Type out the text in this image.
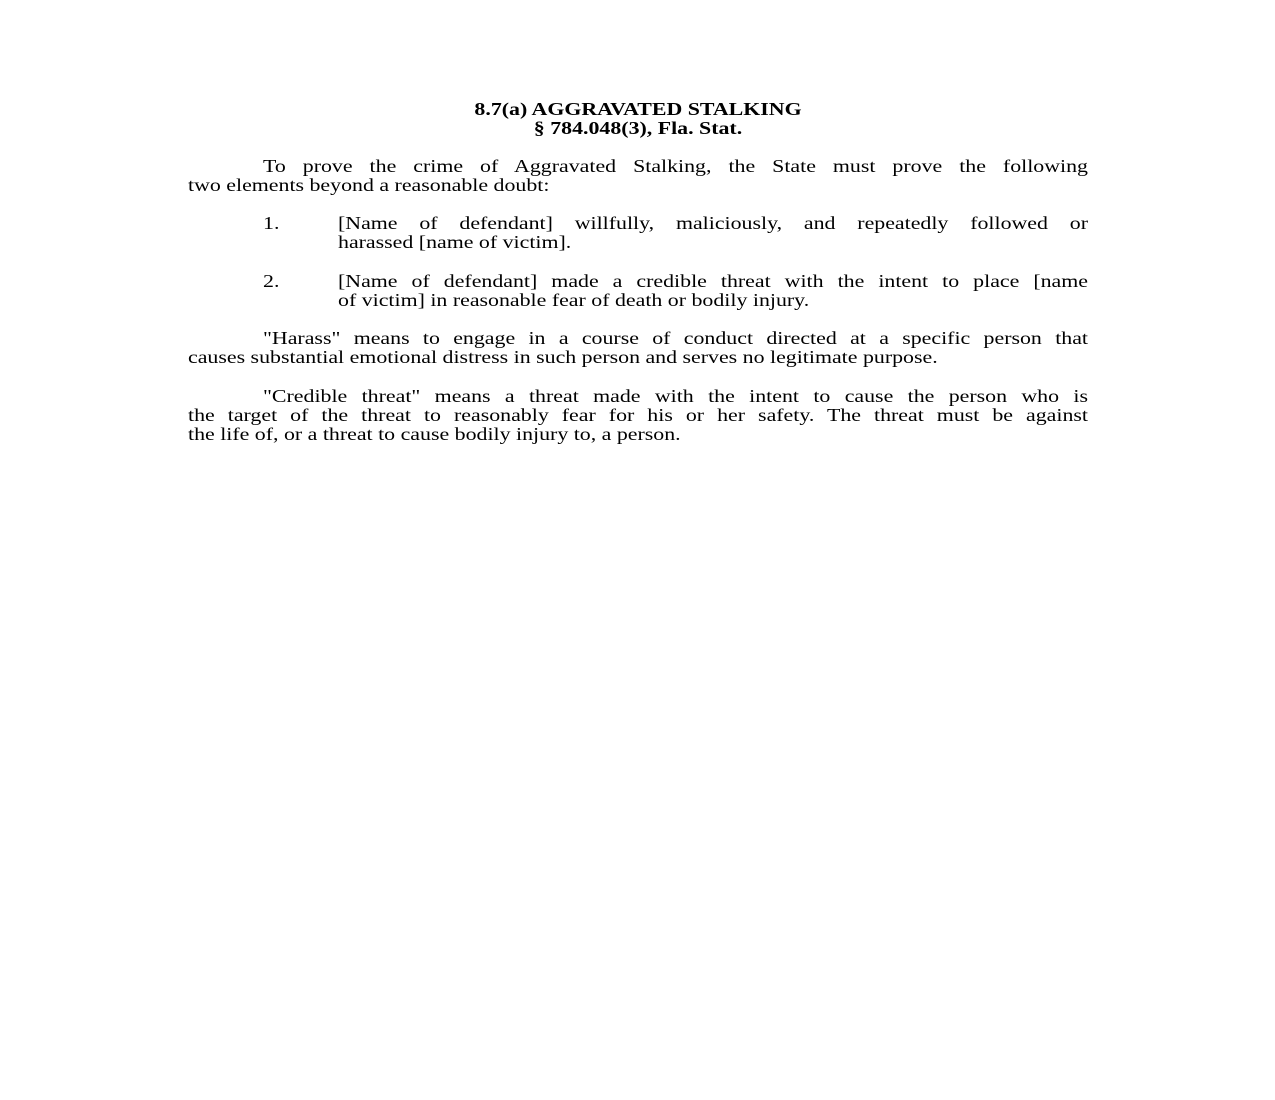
8.7(a) AGGRAVATED STALKING
§ 784.048(3), Fla. Stat.
To prove the crime of Aggravated Stalking, the State must prove the following
two elements beyond a reasonable doubt:
1.	[Name of defendant] willfully, maliciously, and repeatedly followed or
harassed [name of victim].
2.	[Name of defendant] made a credible threat with the intent to place [name
of victim] in reasonable fear of death or bodily injury.
"Harass" means to engage in a course of conduct directed at a specific person that
causes substantial emotional distress in such person and serves no legitimate purpose.
"Credible threat" means a threat made with the intent to cause the person who is
the target of the threat to reasonably fear for his or her safety. The threat must be against
the life of, or a threat to cause bodily injury to, a person.
